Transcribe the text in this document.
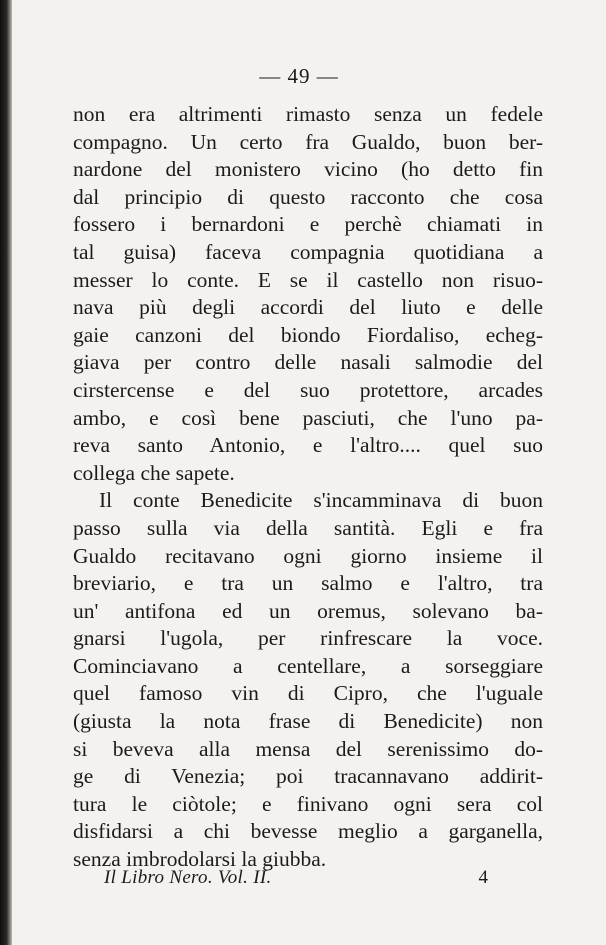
— 49 —
non era altrimenti rimasto senza un fedele
compagno. Un certo fra Gualdo, buon ber-
nardone del monistero vicino (ho detto fin
dal principio di questo racconto che cosa
fossero i bernardoni e perchè chiamati in
tal guisa) faceva compagnia quotidiana a
messer lo conte. E se il castello non risuo-
nava più degli accordi del liuto e delle
gaie canzoni del biondo Fiordaliso, echeg-
giava per contro delle nasali salmodie del
cirstercense e del suo protettore, arcades
ambo, e così bene pasciuti, che l'uno pa-
reva santo Antonio, e l'altro.... quel suo
collega che sapete.
Il conte Benedicite s'incamminava di buon
passo sulla via della santità. Egli e fra
Gualdo recitavano ogni giorno insieme il
breviario, e tra un salmo e l'altro, tra
un' antifona ed un oremus, solevano ba-
gnarsi l'ugola, per rinfrescare la voce.
Cominciavano a centellare, a sorseggiare
quel famoso vin di Cipro, che l'uguale
(giusta la nota frase di Benedicite) non
si beveva alla mensa del serenissimo do-
ge di Venezia; poi tracannavano addirit-
tura le ciòtole; e finivano ogni sera col
disfidarsi a chi bevesse meglio a garganella,
senza imbrodolarsi la giubba.
Il Libro Nero. Vol. II.	4
